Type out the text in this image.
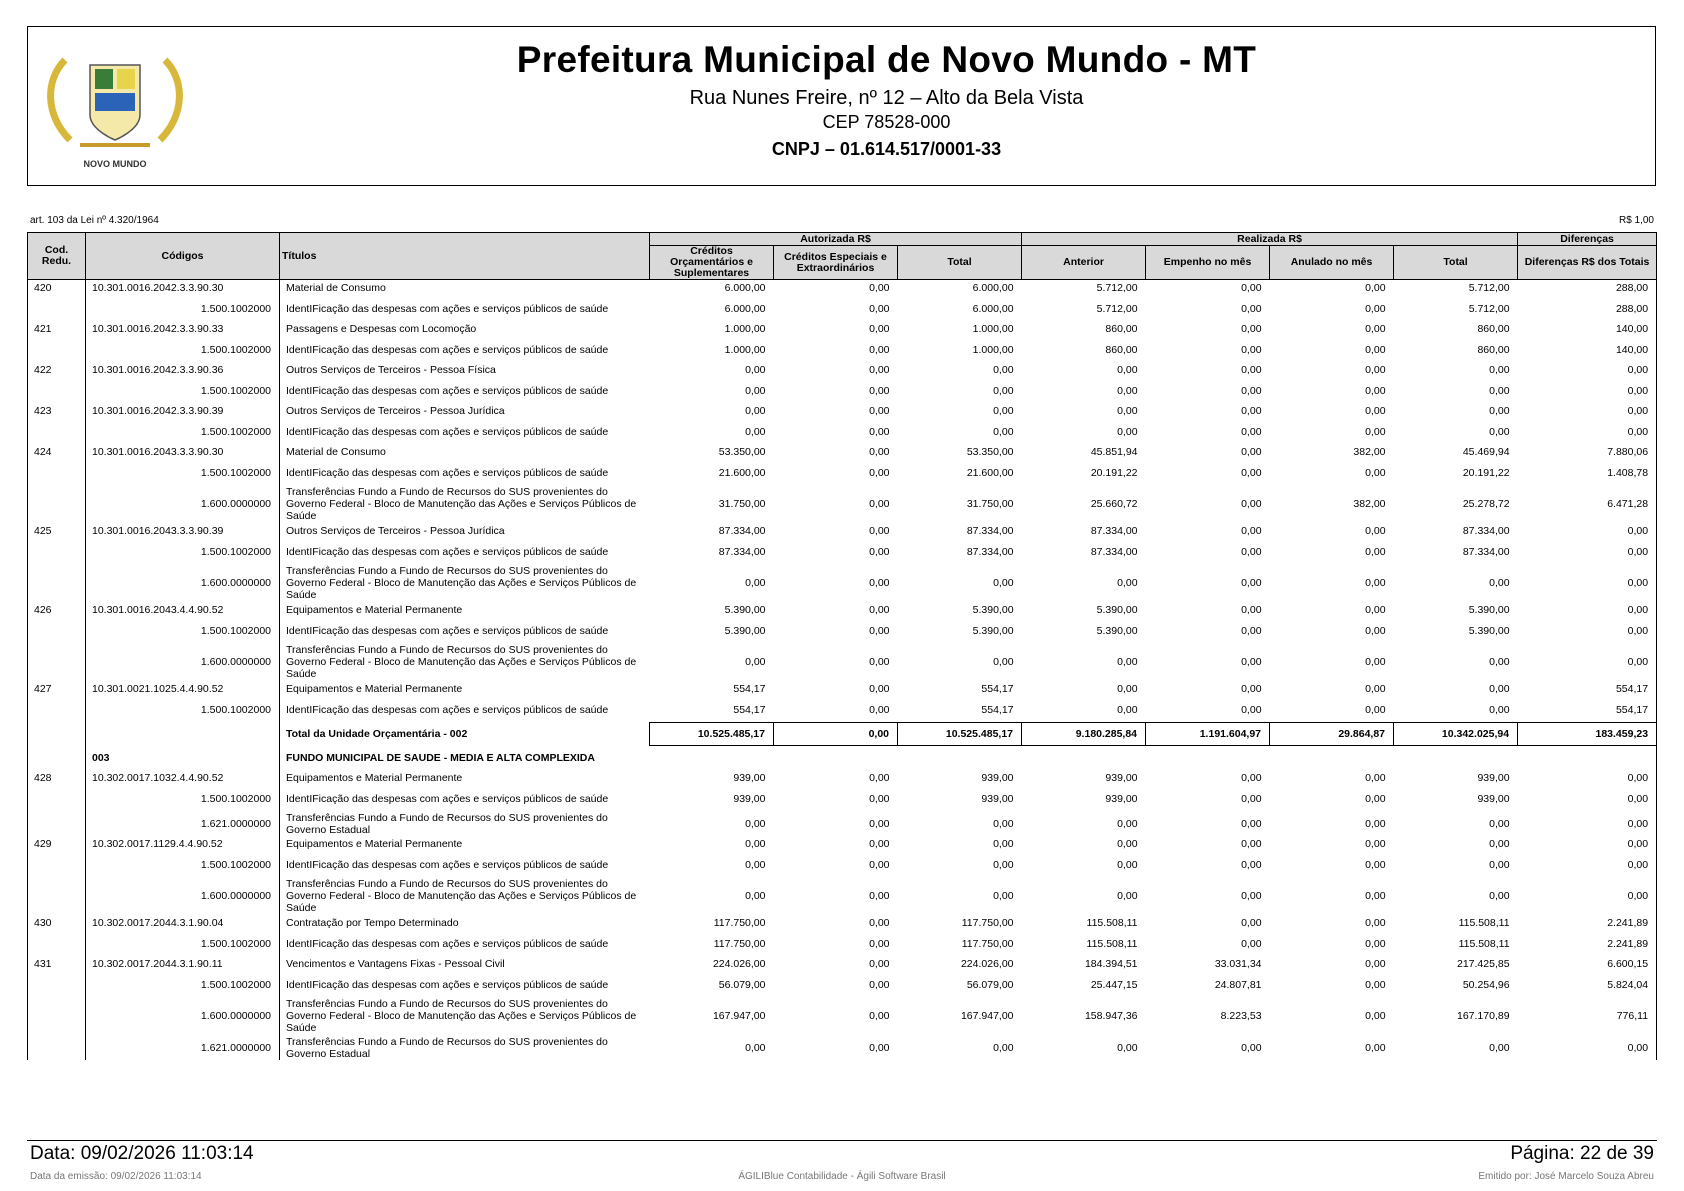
NOVO MUNDO
Prefeitura Municipal de Novo Mundo - MT
Rua Nunes Freire, nº 12 – Alto da Bela Vista
CEP 78528-000
CNPJ – 01.614.517/0001-33
art. 103 da Lei nº 4.320/1964	R$ 1,00
Cod. Redu.	Códigos	Títulos	Autorizada R$			Realizada R$				Diferenças
			Créditos Orçamentários e Suplementares	Créditos Especiais e Extraordinários	Total	Anterior	Empenho no mês	Anulado no mês	Total	Diferenças R$ dos Totais
420	10.301.0016.2042.3.3.90.30	Material de Consumo	6.000,00	0,00	6.000,00	5.712,00	0,00	0,00	5.712,00	288,00
	1.500.1002000	IdentIFicação das despesas com ações e serviços públicos de saúde	6.000,00	0,00	6.000,00	5.712,00	0,00	0,00	5.712,00	288,00
421	10.301.0016.2042.3.3.90.33	Passagens e Despesas com Locomoção	1.000,00	0,00	1.000,00	860,00	0,00	0,00	860,00	140,00
	1.500.1002000	IdentIFicação das despesas com ações e serviços públicos de saúde	1.000,00	0,00	1.000,00	860,00	0,00	0,00	860,00	140,00
422	10.301.0016.2042.3.3.90.36	Outros Serviços de Terceiros - Pessoa Física	0,00	0,00	0,00	0,00	0,00	0,00	0,00	0,00
	1.500.1002000	IdentIFicação das despesas com ações e serviços públicos de saúde	0,00	0,00	0,00	0,00	0,00	0,00	0,00	0,00
423	10.301.0016.2042.3.3.90.39	Outros Serviços de Terceiros - Pessoa Jurídica	0,00	0,00	0,00	0,00	0,00	0,00	0,00	0,00
	1.500.1002000	IdentIFicação das despesas com ações e serviços públicos de saúde	0,00	0,00	0,00	0,00	0,00	0,00	0,00	0,00
424	10.301.0016.2043.3.3.90.30	Material de Consumo	53.350,00	0,00	53.350,00	45.851,94	0,00	382,00	45.469,94	7.880,06
	1.500.1002000	IdentIFicação das despesas com ações e serviços públicos de saúde	21.600,00	0,00	21.600,00	20.191,22	0,00	0,00	20.191,22	1.408,78
	1.600.0000000	Transferências Fundo a Fundo de Recursos do SUS provenientes do Governo Federal - Bloco de Manutenção das Ações e Serviços Públicos de Saúde	31.750,00	0,00	31.750,00	25.660,72	0,00	382,00	25.278,72	6.471,28
425	10.301.0016.2043.3.3.90.39	Outros Serviços de Terceiros - Pessoa Jurídica	87.334,00	0,00	87.334,00	87.334,00	0,00	0,00	87.334,00	0,00
	1.500.1002000	IdentIFicação das despesas com ações e serviços públicos de saúde	87.334,00	0,00	87.334,00	87.334,00	0,00	0,00	87.334,00	0,00
	1.600.0000000	Transferências Fundo a Fundo de Recursos do SUS provenientes do Governo Federal - Bloco de Manutenção das Ações e Serviços Públicos de Saúde	0,00	0,00	0,00	0,00	0,00	0,00	0,00	0,00
426	10.301.0016.2043.4.4.90.52	Equipamentos e Material Permanente	5.390,00	0,00	5.390,00	5.390,00	0,00	0,00	5.390,00	0,00
	1.500.1002000	IdentIFicação das despesas com ações e serviços públicos de saúde	5.390,00	0,00	5.390,00	5.390,00	0,00	0,00	5.390,00	0,00
	1.600.0000000	Transferências Fundo a Fundo de Recursos do SUS provenientes do Governo Federal - Bloco de Manutenção das Ações e Serviços Públicos de Saúde	0,00	0,00	0,00	0,00	0,00	0,00	0,00	0,00
427	10.301.0021.1025.4.4.90.52	Equipamentos e Material Permanente	554,17	0,00	554,17	0,00	0,00	0,00	0,00	554,17
	1.500.1002000	IdentIFicação das despesas com ações e serviços públicos de saúde	554,17	0,00	554,17	0,00	0,00	0,00	0,00	554,17
		Total da Unidade Orçamentária - 002	10.525.485,17	0,00	10.525.485,17	9.180.285,84	1.191.604,97	29.864,87	10.342.025,94	183.459,23
	003	FUNDO MUNICIPAL DE SAUDE - MEDIA E ALTA COMPLEXIDA								
428	10.302.0017.1032.4.4.90.52	Equipamentos e Material Permanente	939,00	0,00	939,00	939,00	0,00	0,00	939,00	0,00
	1.500.1002000	IdentIFicação das despesas com ações e serviços públicos de saúde	939,00	0,00	939,00	939,00	0,00	0,00	939,00	0,00
	1.621.0000000	Transferências Fundo a Fundo de Recursos do SUS provenientes do Governo Estadual	0,00	0,00	0,00	0,00	0,00	0,00	0,00	0,00
429	10.302.0017.1129.4.4.90.52	Equipamentos e Material Permanente	0,00	0,00	0,00	0,00	0,00	0,00	0,00	0,00
	1.500.1002000	IdentIFicação das despesas com ações e serviços públicos de saúde	0,00	0,00	0,00	0,00	0,00	0,00	0,00	0,00
	1.600.0000000	Transferências Fundo a Fundo de Recursos do SUS provenientes do Governo Federal - Bloco de Manutenção das Ações e Serviços Públicos de Saúde	0,00	0,00	0,00	0,00	0,00	0,00	0,00	0,00
430	10.302.0017.2044.3.1.90.04	Contratação por Tempo Determinado	117.750,00	0,00	117.750,00	115.508,11	0,00	0,00	115.508,11	2.241,89
	1.500.1002000	IdentIFicação das despesas com ações e serviços públicos de saúde	117.750,00	0,00	117.750,00	115.508,11	0,00	0,00	115.508,11	2.241,89
431	10.302.0017.2044.3.1.90.11	Vencimentos e Vantagens Fixas - Pessoal Civil	224.026,00	0,00	224.026,00	184.394,51	33.031,34	0,00	217.425,85	6.600,15
	1.500.1002000	IdentIFicação das despesas com ações e serviços públicos de saúde	56.079,00	0,00	56.079,00	25.447,15	24.807,81	0,00	50.254,96	5.824,04
	1.600.0000000	Transferências Fundo a Fundo de Recursos do SUS provenientes do Governo Federal - Bloco de Manutenção das Ações e Serviços Públicos de Saúde	167.947,00	0,00	167.947,00	158.947,36	8.223,53	0,00	167.170,89	776,11
	1.621.0000000	Transferências Fundo a Fundo de Recursos do SUS provenientes do Governo Estadual	0,00	0,00	0,00	0,00	0,00	0,00	0,00	0,00
Data: 09/02/2026 11:03:14	Página: 22 de 39
Data da emissão: 09/02/2026 11:03:14	ÁGILIBlue Contabilidade - Ágili Software Brasil	Emitido por: José Marcelo Souza Abreu
